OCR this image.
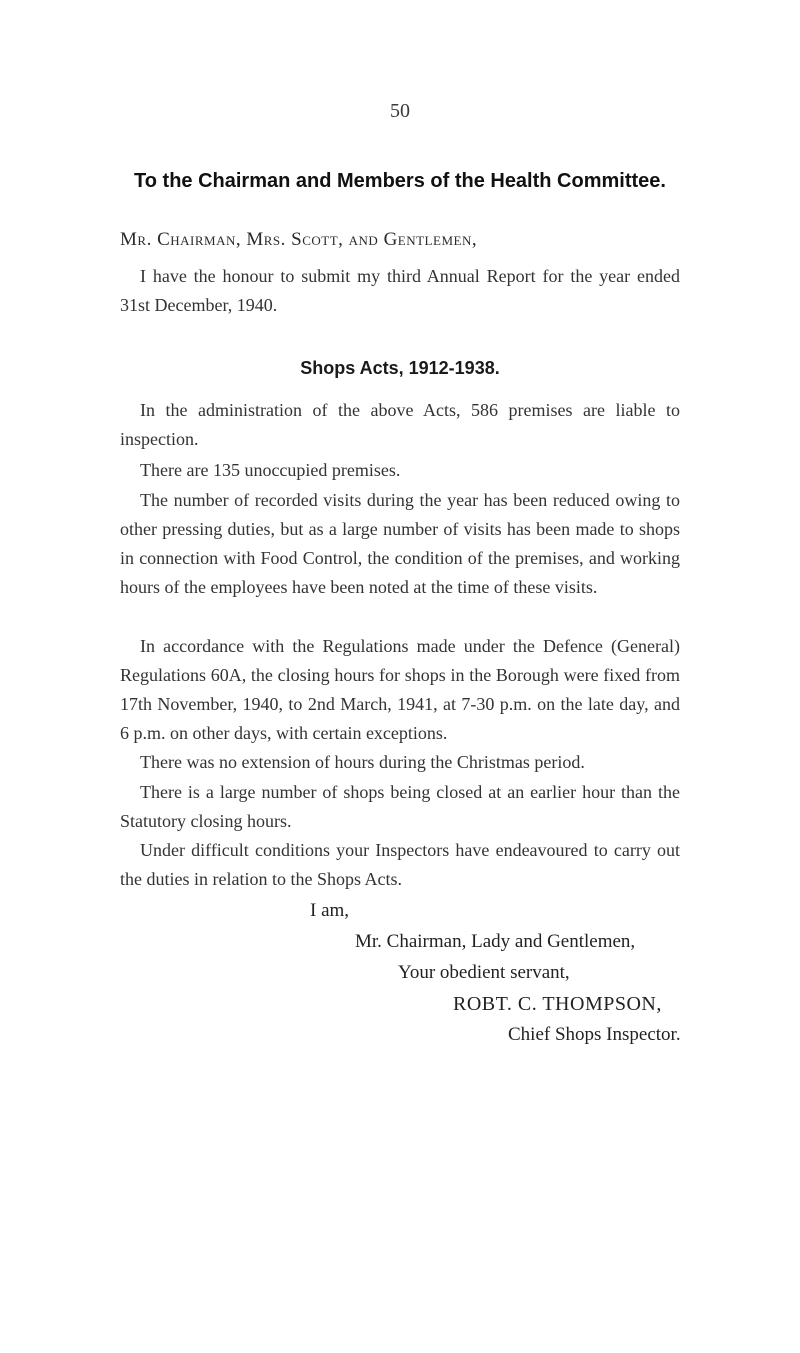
50
To the Chairman and Members of the Health Committee.
Mr. Chairman, Mrs. Scott, and Gentlemen,

I have the honour to submit my third Annual Report for the year ended 31st December, 1940.

Shops Acts, 1912-1938.

In the administration of the above Acts, 586 premises are liable to inspection.

There are 135 unoccupied premises.

The number of recorded visits during the year has been reduced owing to other pressing duties, but as a large number of visits has been made to shops in connection with Food Control, the condition of the premises, and working hours of the employees have been noted at the time of these visits.

In accordance with the Regulations made under the Defence (General) Regulations 60A, the closing hours for shops in the Borough were fixed from 17th November, 1940, to 2nd March, 1941, at 7-30 p.m. on the late day, and 6 p.m. on other days, with certain exceptions.

There was no extension of hours during the Christmas period.

There is a large number of shops being closed at an earlier hour than the Statutory closing hours.

Under difficult conditions your Inspectors have endeavoured to carry out the duties in relation to the Shops Acts.

I am,
Mr. Chairman, Lady and Gentlemen,
Your obedient servant,
ROBT. C. THOMPSON,
Chief Shops Inspector.
